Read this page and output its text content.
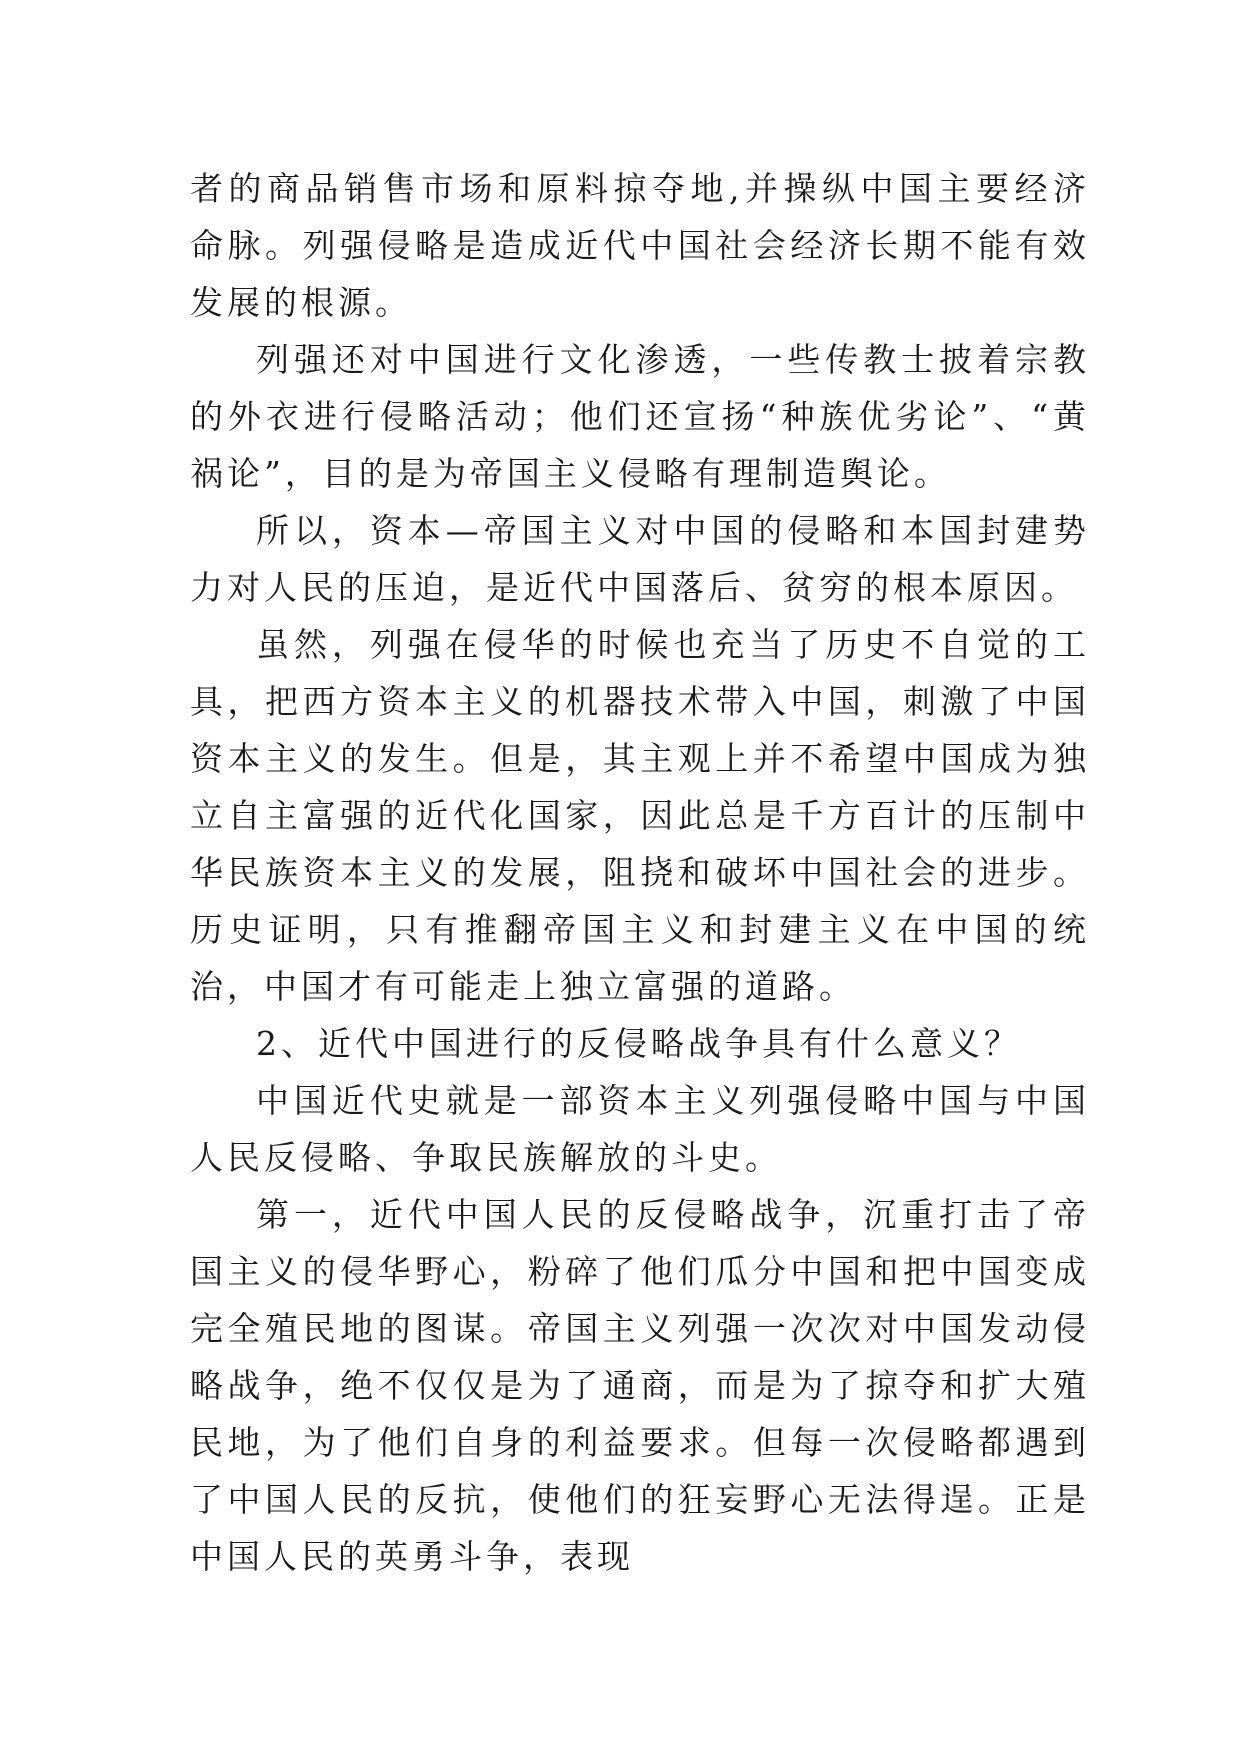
者的商品销售市场和原料掠夺地,并操纵中国主要经济命脉。列强侵略是造成近代中国社会经济长期不能有效发展的根源。

列强还对中国进行文化渗透，一些传教士披着宗教的外衣进行侵略活动；他们还宣扬“种族优劣论”、“黄祸论”，目的是为帝国主义侵略有理制造舆论。

所以，资本—帝国主义对中国的侵略和本国封建势力对人民的压迫，是近代中国落后、贫穷的根本原因。

虽然，列强在侵华的时候也充当了历史不自觉的工具，把西方资本主义的机器技术带入中国，刺激了中国资本主义的发生。但是，其主观上并不希望中国成为独立自主富强的近代化国家，因此总是千方百计的压制中华民族资本主义的发展，阻挠和破坏中国社会的进步。历史证明，只有推翻帝国主义和封建主义在中国的统治，中国才有可能走上独立富强的道路。

2、近代中国进行的反侵略战争具有什么意义？

中国近代史就是一部资本主义列强侵略中国与中国人民反侵略、争取民族解放的斗史。

第一，近代中国人民的反侵略战争，沉重打击了帝国主义的侵华野心，粉碎了他们瓜分中国和把中国变成完全殖民地的图谋。帝国主义列强一次次对中国发动侵略战争，绝不仅仅是为了通商，而是为了掠夺和扩大殖民地，为了他们自身的利益要求。但每一次侵略都遇到了中国人民的反抗，使他们的狂妄野心无法得逞。正是中国人民的英勇斗争，表现
